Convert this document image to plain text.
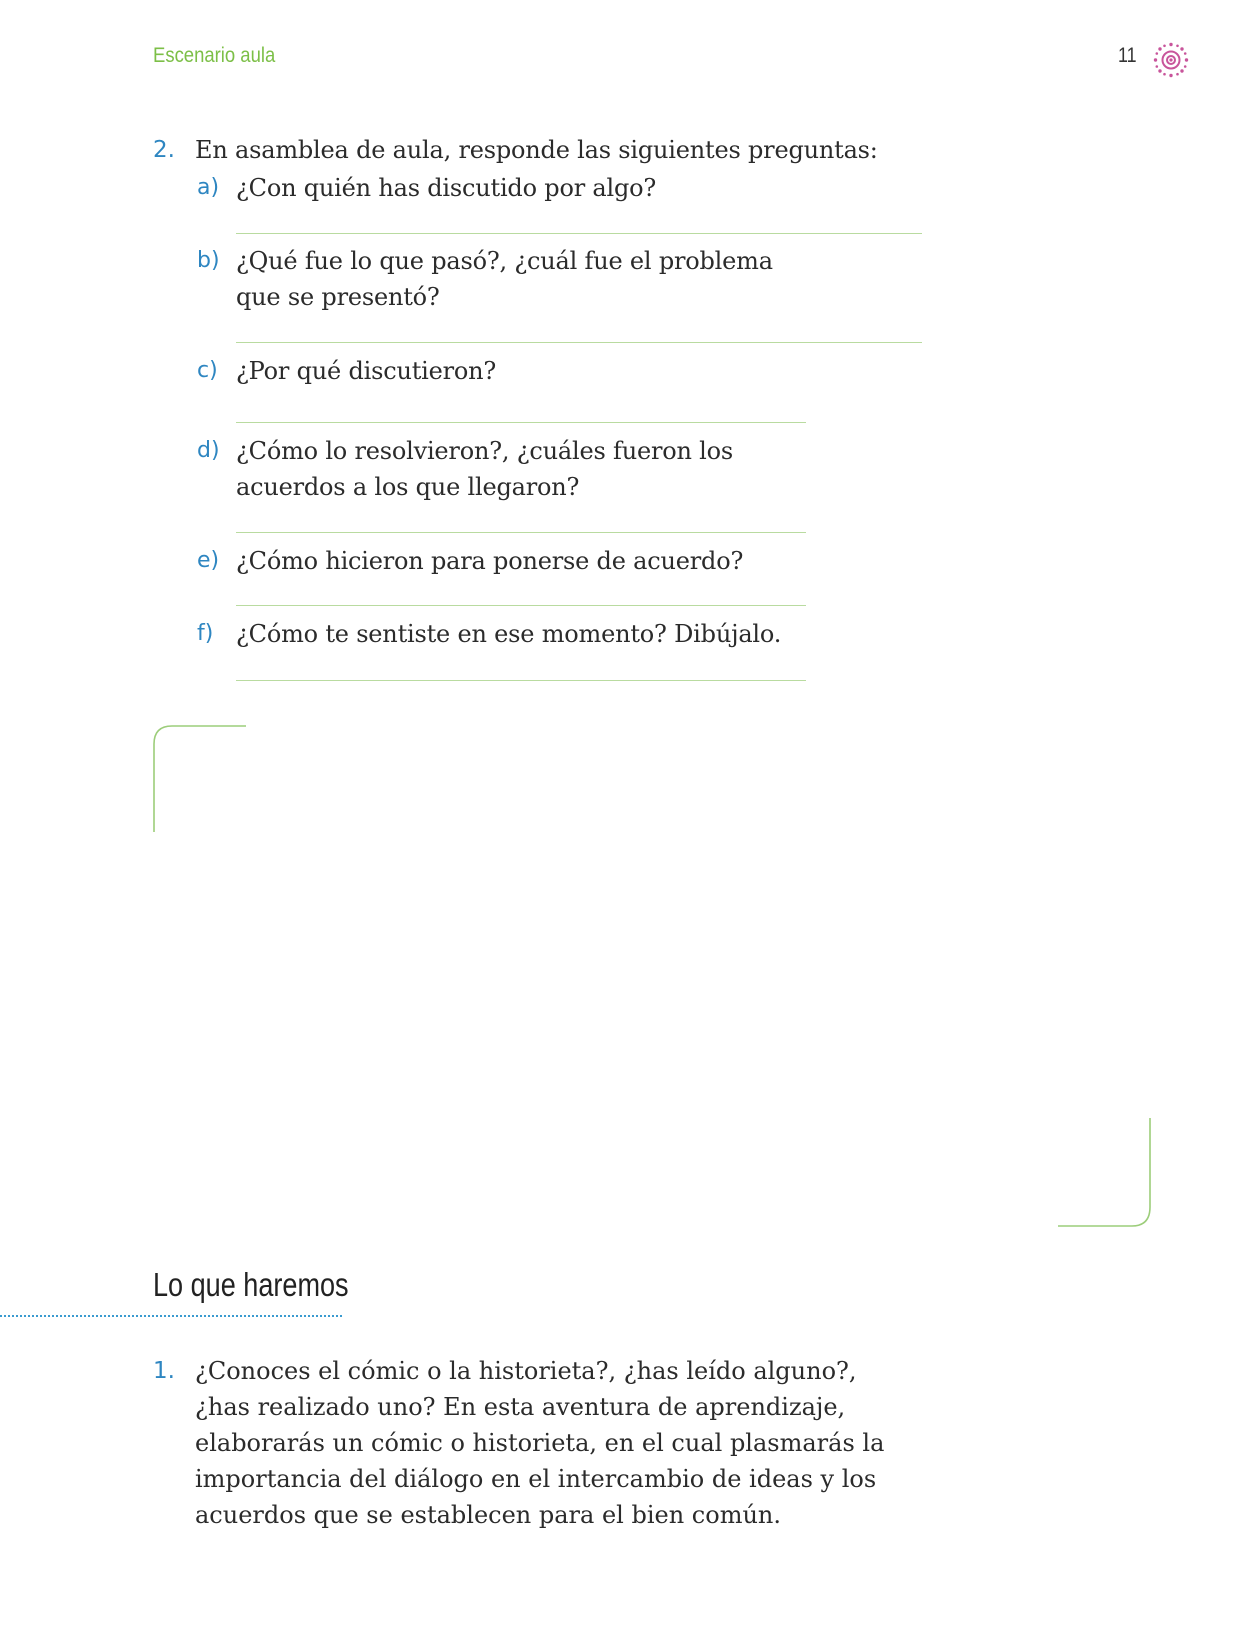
Escenario aula	11
2. En asamblea de aula, responde las siguientes preguntas:
a) ¿Con quién has discutido por algo?
b) ¿Qué fue lo que pasó?, ¿cuál fue el problema
que se presentó?
c) ¿Por qué discutieron?
d) ¿Cómo lo resolvieron?, ¿cuáles fueron los
acuerdos a los que llegaron?
e) ¿Cómo hicieron para ponerse de acuerdo?
f) ¿Cómo te sentiste en ese momento? Dibújalo.
Lo que haremos
1. ¿Conoces el cómic o la historieta?, ¿has leído alguno?,
¿has realizado uno? En esta aventura de aprendizaje,
elaborarás un cómic o historieta, en el cual plasmarás la
importancia del diálogo en el intercambio de ideas y los
acuerdos que se establecen para el bien común.
